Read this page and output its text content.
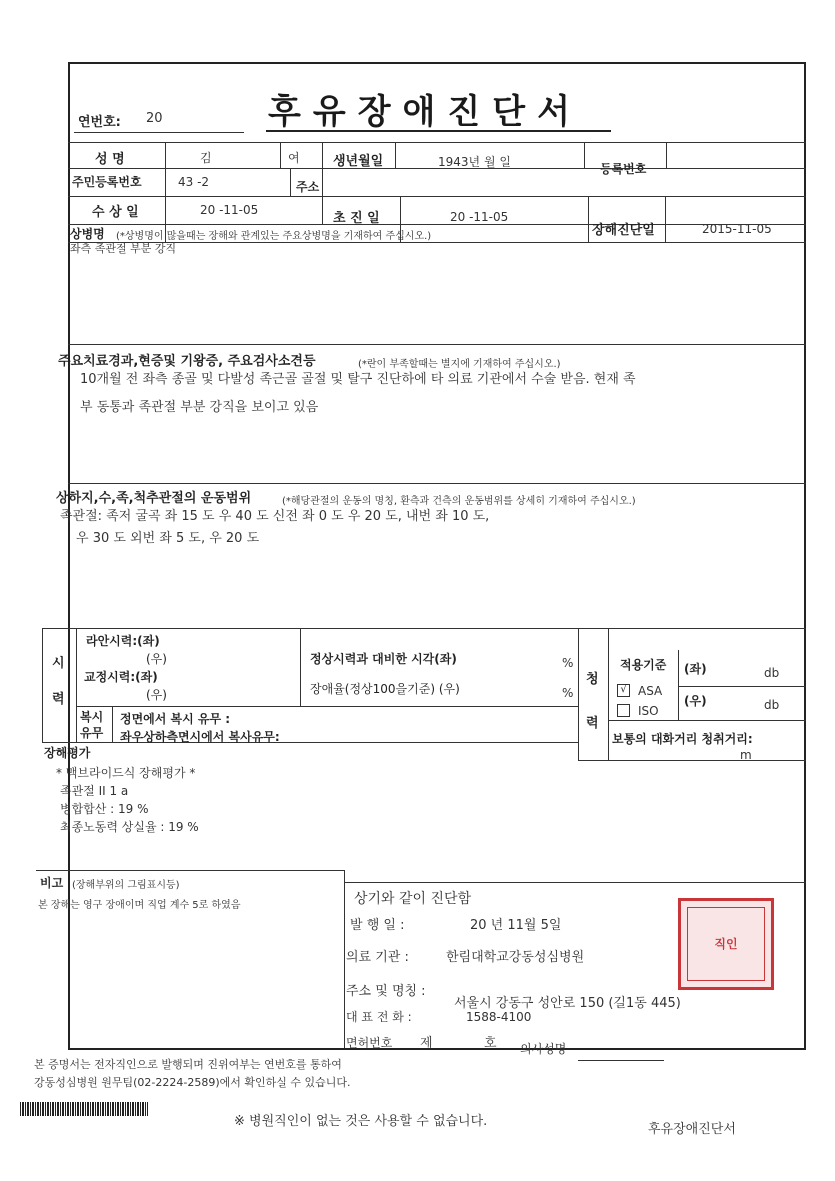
연번호: 20	후유장애진단서
성 명	김	여	생년월일	1943년 월 일	등록번호
주민등록번호	43 -2	주소
수 상 일	20 -11-05
초 진 일	20 -11-05
장해진단일	2015-11-05
상병명 (*상병명이 많을때는 장해와 관계있는 주요상병명을 기재하여 주십시오.)
좌측 족관절 부분 강직
주요치료경과,현증및 기왕증, 주요검사소견등	(*란이 부족할때는 별지에 기재하여 주십시오.)
10개월 전 좌측 종골 및 다발성 족근골 골절 및 탈구 진단하에 타 의료 기관에서 수술 받음. 현재 족
부 동통과 족관절 부분 강직을 보이고 있음
상하지,수,족,척추관절의 운동범위	(*해당관절의 운동의 명칭, 환측과 건측의 운동범위를 상세히 기재하여 주십시오.)
족관절: 족저 굴곡 좌 15 도 우 40 도 신전 좌 0 도 우 20 도, 내번 좌 10 도,
우 30 도 외번 좌 5 도, 우 20 도
시
력
라안시력:(좌)
(우)
교정시력:(좌)
(우)
정상시력과 대비한 시각(좌)	%
장애율(정상100을기준) (우)	%
복시
유무
정면에서 복시 유무 :
좌우상하측면시에서 복사유무:
청
력
적용기준
√ ASA
ISO
(좌)	db
(우)	db
보통의 대화거리 청취거리:
m
장해평가
* 맥브라이드식 장해평가 *
족관절 II 1 a
병합합산 : 19 %
최종노동력 상실율 : 19 %
비고 (장해부위의 그림표시등)
본 장해는 영구 장애이며 직업 계수 5로 하였음	상기와 같이 진단함
발 행 일 :	20 년 11월 5일
의료 기관 :	한림대학교강동성심병원
주소 및 명칭 :
서울시 강동구 성안로 150 (길1동 445)
대 표 전 화 :	1588-4100
면허번호 제	호 의사성명
직인
본 증명서는 전자직인으로 발행되며 진위여부는 연번호를 통하여
강동성심병원 원무팀(02-2224-2589)에서 확인하실 수 있습니다.
※ 병원직인이 없는 것은 사용할 수 없습니다.
후유장애진단서
